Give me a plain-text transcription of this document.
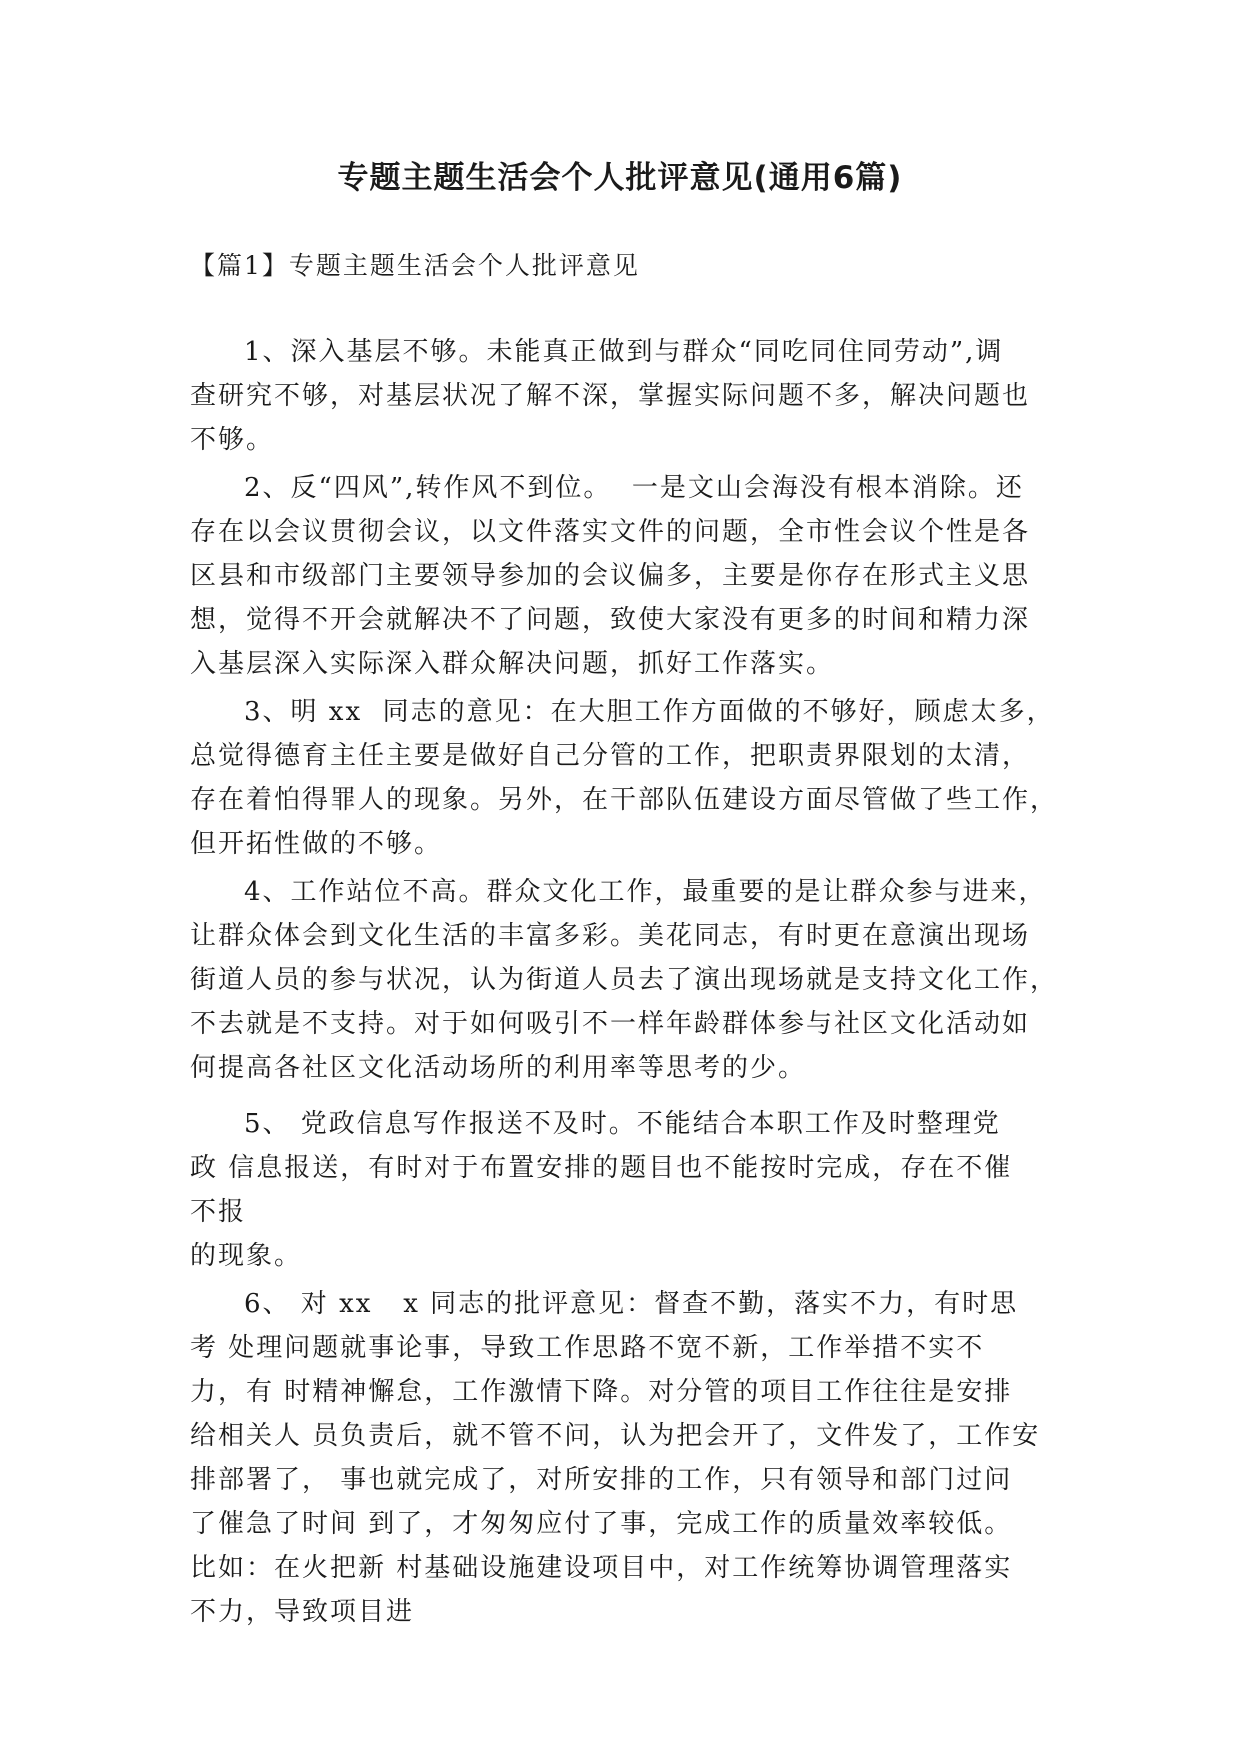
专题主题生活会个人批评意见(通用6篇)
【篇1】专题主题生活会个人批评意见

1、深入基层不够。未能真正做到与群众“同吃同住同劳动”,调
查研究不够，对基层状况了解不深，掌握实际问题不多，解决问题也
不够。

2、反“四风”,转作风不到位。  一是文山会海没有根本消除。还
存在以会议贯彻会议，以文件落实文件的问题，全市性会议个性是各
区县和市级部门主要领导参加的会议偏多，主要是你存在形式主义思
想，觉得不开会就解决不了问题，致使大家没有更多的时间和精力深
入基层深入实际深入群众解决问题，抓好工作落实。

3、明 xx  同志的意见：在大胆工作方面做的不够好，顾虑太多，
总觉得德育主任主要是做好自己分管的工作，把职责界限划的太清，
存在着怕得罪人的现象。另外，在干部队伍建设方面尽管做了些工作，
但开拓性做的不够。

4、工作站位不高。群众文化工作，最重要的是让群众参与进来，
让群众体会到文化生活的丰富多彩。美花同志，有时更在意演出现场
街道人员的参与状况，认为街道人员去了演出现场就是支持文化工作，
不去就是不支持。对于如何吸引不一样年龄群体参与社区文化活动如
何提高各社区文化活动场所的利用率等思考的少。

5、 党政信息写作报送不及时。不能结合本职工作及时整理党
政 信息报送，有时对于布置安排的题目也不能按时完成，存在不催
不报
的现象。

6、 对 xx   x 同志的批评意见：督查不勤，落实不力，有时思
考 处理问题就事论事，导致工作思路不宽不新，工作举措不实不
力，有 时精神懈怠，工作激情下降。对分管的项目工作往往是安排
给相关人 员负责后，就不管不问，认为把会开了，文件发了，工作安
排部署了， 事也就完成了，对所安排的工作，只有领导和部门过问
了催急了时间 到了，才匆匆应付了事，完成工作的质量效率较低。
比如：在火把新 村基础设施建设项目中，对工作统筹协调管理落实
不力，导致项目进
